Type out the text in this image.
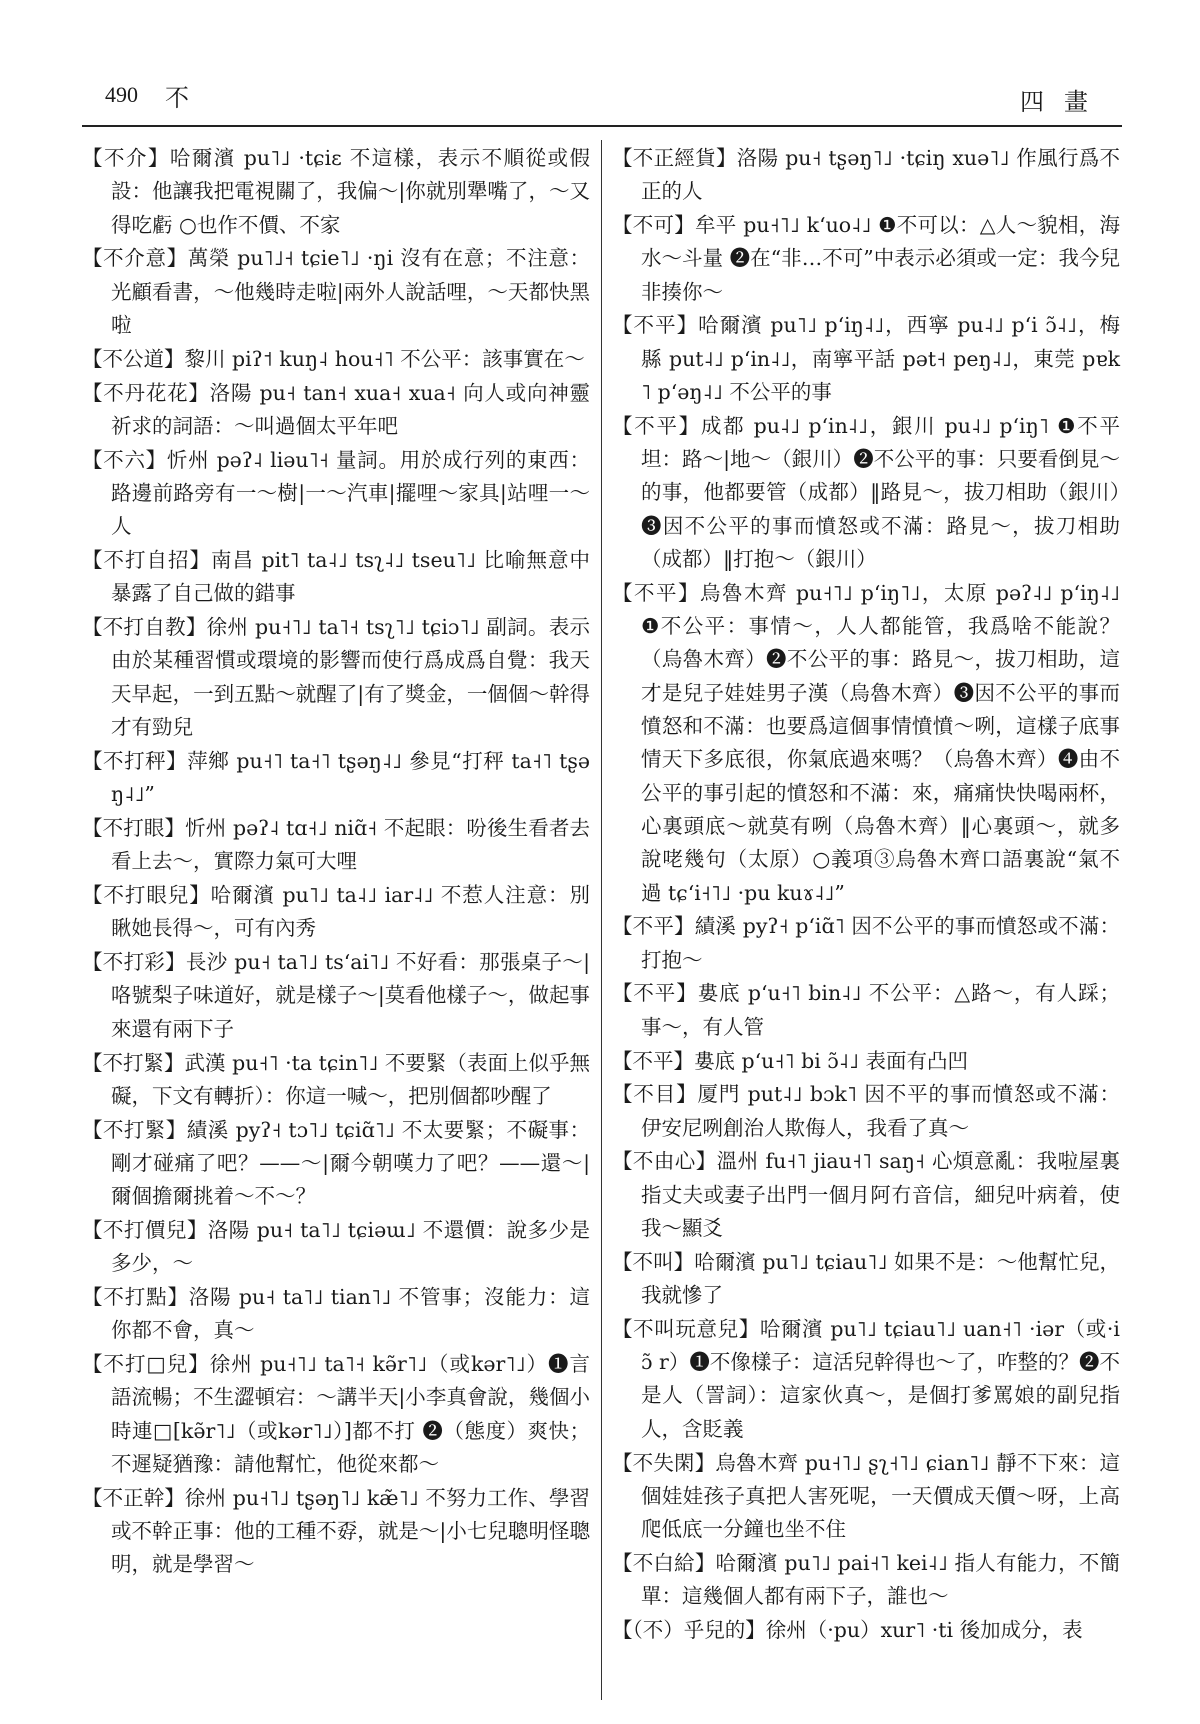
490 不	四畫

【不介】哈爾濱 pu˥˩ ·tɕiɛ 不這樣，表示不順從或假設：他讓我把電視關了，我偏～|你就別犟嘴了，～又得吃虧 ○也作不價、不家

【不介意】萬榮 pu˥˩˧ tɕie˥˩ ·ŋi 沒有在意；不注意：光顧看書，～他幾時走啦|兩外人說話哩，～天都快黑啦

【不公道】黎川 piʔ˦ kuŋ˨ hou˧˥ 不公平：該事實在～

【不丹花花】洛陽 pu˧ tan˧ xua˧ xua˧ 向人或向神靈祈求的詞語：～叫過個太平年吧

【不六】忻州 pəʔ˨ liəu˥˧ 量詞。用於成行列的東西：路邊前路旁有一～樹|一～汽車|擺哩～家具|站哩一～人

【不打自招】南昌 pit˥ ta˨˩ tsʅ˨˩ tseu˥˩ 比喻無意中暴露了自己做的錯事

【不打自教】徐州 pu˧˥˩ ta˥˧ tsʅ˥˩ tɕiɔ˥˩ 副詞。表示由於某種習慣或環境的影響而使行爲成爲自覺：我天天早起，一到五點～就醒了|有了獎金，一個個～幹得才有勁兒

【不打秤】萍鄉 pu˧˥ ta˧˥ tʂəŋ˨˩ 參見“打秤 ta˧˥ tʂəŋ˨˩”

【不打眼】忻州 pəʔ˨ tɑ˧˩ niɑ̃˧ 不起眼：吩後生看者去看上去～，實際力氣可大哩

【不打眼兒】哈爾濱 pu˥˩ ta˨˩ iar˨˩ 不惹人注意：別瞅她長得～，可有內秀

【不打彩】長沙 pu˧ ta˥˩ tsʻai˥˩ 不好看：那張桌子～|咯號梨子味道好，就是樣子～|莫看他樣子～，做起事來還有兩下子

【不打緊】武漢 pu˧˥ ·ta tɕin˥˩ 不要緊（表面上似乎無礙，下文有轉折）：你這一喊～，把別個都吵醒了

【不打緊】績溪 pyʔ˧ tɔ˥˩ tɕiɑ̃˥˩ 不太要緊；不礙事：剛才碰痛了吧？——～|爾今朝嘆力了吧？——還～|爾個擔爾挑着～不～？

【不打價兒】洛陽 pu˧ ta˥˩ tɕiəɯ˩ 不還價：說多少是多少，～

【不打點】洛陽 pu˧ ta˥˩ tian˥˩ 不管事；沒能力：這你都不會，真～

【不打□兒】徐州 pu˧˥˩ ta˥˧ kə̃r˥˩（或kər˥˩）❶言語流暢；不生澀頓宕：～講半天|小李真會說，幾個小時連□[kə̃r˥˩（或kər˥˩）]都不打 ❷（態度）爽快；不遲疑猶豫：請他幫忙，他從來都～

【不正幹】徐州 pu˧˥˩ tʂəŋ˥˩ kæ̃˥˩ 不努力工作、學習或不幹正事：他的工種不孬，就是～|小七兒聰明怪聰明，就是學習～

【不正經貨】洛陽 pu˧ tʂəŋ˥˩ ·tɕiŋ xuə˥˩ 作風行爲不正的人

【不可】牟平 pu˧˥˩ kʻuo˨˩ ❶不可以：△人～貌相，海水～斗量 ❷在“非…不可”中表示必須或一定：我今兒非揍你～

【不平】哈爾濱 pu˥˩ pʻiŋ˨˩，西寧 pu˨˩ pʻi ɔ̃˨˩，梅縣 put˨˩ pʻin˨˩，南寧平話 pət˧ peŋ˨˩，東莞 pɐk˥ pʻəŋ˨˩ 不公平的事

【不平】成都 pu˨˩ pʻin˨˩，銀川 pu˨˩ pʻiŋ˥ ❶不平坦：路～|地～（銀川）❷不公平的事：只要看倒見～的事，他都要管（成都）‖路見～，拔刀相助（銀川）❸因不公平的事而憤怒或不滿：路見～，拔刀相助（成都）‖打抱～（銀川）

【不平】烏魯木齊 pu˧˥˩ pʻiŋ˥˩，太原 pəʔ˨˩ pʻiŋ˨˩ ❶不公平：事情～，人人都能管，我爲啥不能說？（烏魯木齊）❷不公平的事：路見～，拔刀相助，這才是兒子娃娃男子漢（烏魯木齊）❸因不公平的事而憤怒和不滿：也要爲這個事情憤憤～咧，這樣子底事情天下多底很，你氣底過來嗎？（烏魯木齊）❹由不公平的事引起的憤怒和不滿：來，痛痛快快喝兩杯，心裏頭底～就莫有咧（烏魯木齊）‖心裏頭～，就多說咾幾句（太原）○義項③烏魯木齊口語裏說“氣不過 tɕʻi˧˥˩ ·pu kuɤ˨˩”

【不平】績溪 pyʔ˧ pʻiɑ̃˥ 因不公平的事而憤怒或不滿：打抱～

【不平】婁底 pʻu˧˥ bin˨˩ 不公平：△路～，有人踩；事～，有人管

【不平】婁底 pʻu˧˥ bi ɔ̃˨˩ 表面有凸凹

【不目】厦門 put˨˩ bɔk˥ 因不平的事而憤怒或不滿：伊安尼咧創治人欺侮人，我看了真～

【不由心】溫州 fu˧˥ jiau˧˥ saŋ˧ 心煩意亂：我啦屋裏指丈夫或妻子出門一個月阿冇音信，細兒叶病着，使我～顯爻

【不叫】哈爾濱 pu˥˩ tɕiau˥˩ 如果不是：～他幫忙兒，我就慘了

【不叫玩意兒】哈爾濱 pu˥˩ tɕiau˥˩ uan˧˥ ·iər（或·i ɔ̃ r）❶不像樣子：這活兒幹得也～了，咋整的？❷不是人（詈詞）：這家伙真～，是個打爹罵娘的副兒指人，含貶義

【不失閑】烏魯木齊 pu˧˥˩ ʂʅ˧˥˩ ɕian˥˩ 靜不下來：這個娃娃孩子真把人害死呢，一天價成天價～呀，上高爬低底一分鐘也坐不住

【不白給】哈爾濱 pu˥˩ pai˧˥ kei˨˩ 指人有能力，不簡單：這幾個人都有兩下子，誰也～

【（不）乎兒的】徐州（·pu）xur˥ ·ti 後加成分，表
